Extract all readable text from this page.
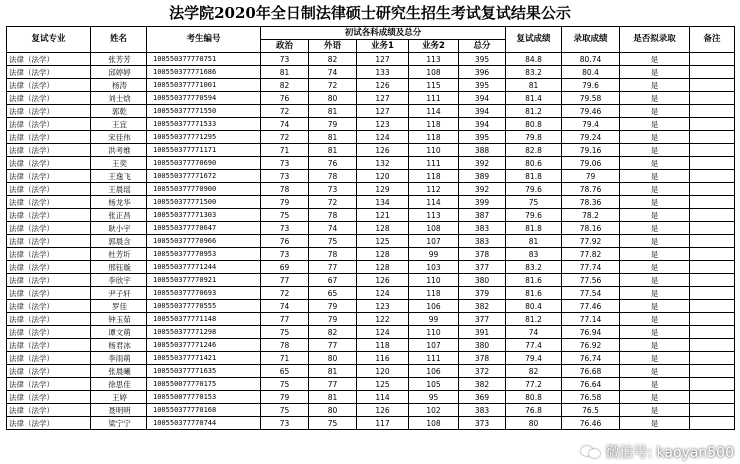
法学院2020年全日制法律硕士研究生招生考试复试结果公示
复试专业	姓名	考生编号	初试各科成绩及总分					复试成绩	录取成绩	是否拟录取	备注
			政治	外语	业务1	业务2	总分				
法律（法学）	张芳芳	100550377770751	73	82	127	113	395	84.8	80.74	是	
法律（法学）	邱婷婷	100550377771686	81	74	133	108	396	83.2	80.4	是	
法律（法学）	杨涛	100550377771001	82	72	126	115	395	81	79.6	是	
法律（法学）	刘士焓	100550377770594	76	80	127	111	394	81.4	79.58	是	
法律（法学）	郭乾	100550377771550	72	81	127	114	394	81.2	79.46	是	
法律（法学）	王宜	100550377771533	74	79	123	118	394	80.8	79.4	是	
法律（法学）	宋佳伟	100550377771295	72	81	124	118	395	79.8	79.24	是	
法律（法学）	洪考维	100550377771171	71	81	126	110	388	82.8	79.16	是	
法律（法学）	王奕	100550377770690	73	76	132	111	392	80.6	79.06	是	
法律（法学）	王逸飞	100550377771672	73	78	120	118	389	81.8	79	是	
法律（法学）	王晨瑶	100550377770900	78	73	129	112	392	79.6	78.76	是	
法律（法学）	杨龙华	100550377771500	79	72	134	114	399	75	78.36	是	
法律（法学）	张正昌	100550377771303	75	78	121	113	387	79.6	78.2	是	
法律（法学）	耿小宇	100550377770647	73	74	128	108	383	81.8	78.16	是	
法律（法学）	郭晨含	100550377770966	76	75	125	107	383	81	77.92	是	
法律（法学）	杜芳圻	100550377770953	73	78	128	99	378	83	77.82	是	
法律（法学）	邢钰璇	100550377771244	69	77	128	103	377	83.2	77.74	是	
法律（法学）	李欣宇	100550377770921	77	67	126	110	380	81.6	77.56	是	
法律（法学）	尹子轩	100550377770693	72	65	124	118	379	81.6	77.54	是	
法律（法学）	罗佳	100550377770555	74	79	123	106	382	80.4	77.46	是	
法律（法学）	钟玉茹	100550377771148	77	79	122	99	377	81.2	77.14	是	
法律（法学）	谭文萌	100550377771298	75	82	124	110	391	74	76.94	是	
法律（法学）	杨君冰	100550377771246	78	77	118	107	380	77.4	76.92	是	
法律（法学）	李雨萌	100550377771421	71	80	116	111	378	79.4	76.74	是	
法律（法学）	张晨曦	100550377771635	65	81	120	106	372	82	76.68	是	
法律（法学）	徐思佳	100550077770175	75	77	125	105	382	77.2	76.64	是	
法律（法学）	王婷	100550077770153	79	81	114	95	369	80.8	76.58	是	
法律（法学）	聂明明	100550377770168	75	80	126	102	383	76.8	76.5	是	
法律（法学）	梁宁宁	100550377770744	73	75	117	108	373	80	76.46	是	
微信号: kaoyan500
